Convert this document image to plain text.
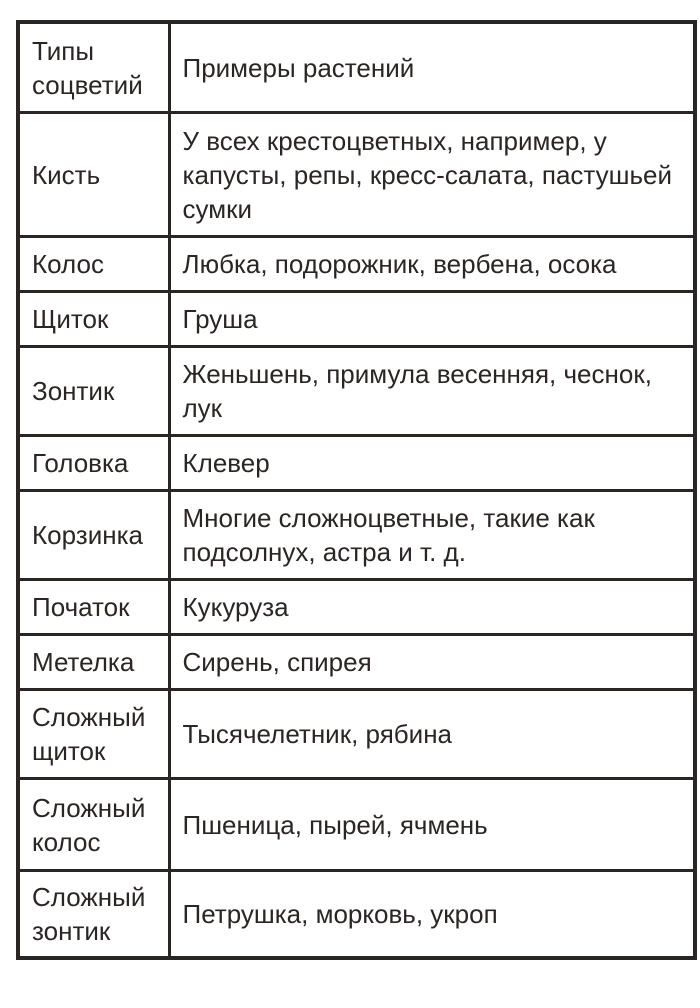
Типы соцветий	Примеры растений
Кисть	У всех крестоцветных, например, у капусты, репы, кресс-салата, пастушьей сумки
Колос	Любка, подорожник, вербена, осока
Щиток	Груша
Зонтик	Женьшень, примула весенняя, чеснок, лук
Головка	Клевер
Корзинка	Многие сложноцветные, такие как подсолнух, астра и т. д.
Початок	Кукуруза
Метелка	Сирень, спирея
Сложный щиток	Тысячелетник, рябина
Сложный колос	Пшеница, пырей, ячмень
Сложный зонтик	Петрушка, морковь, укроп
